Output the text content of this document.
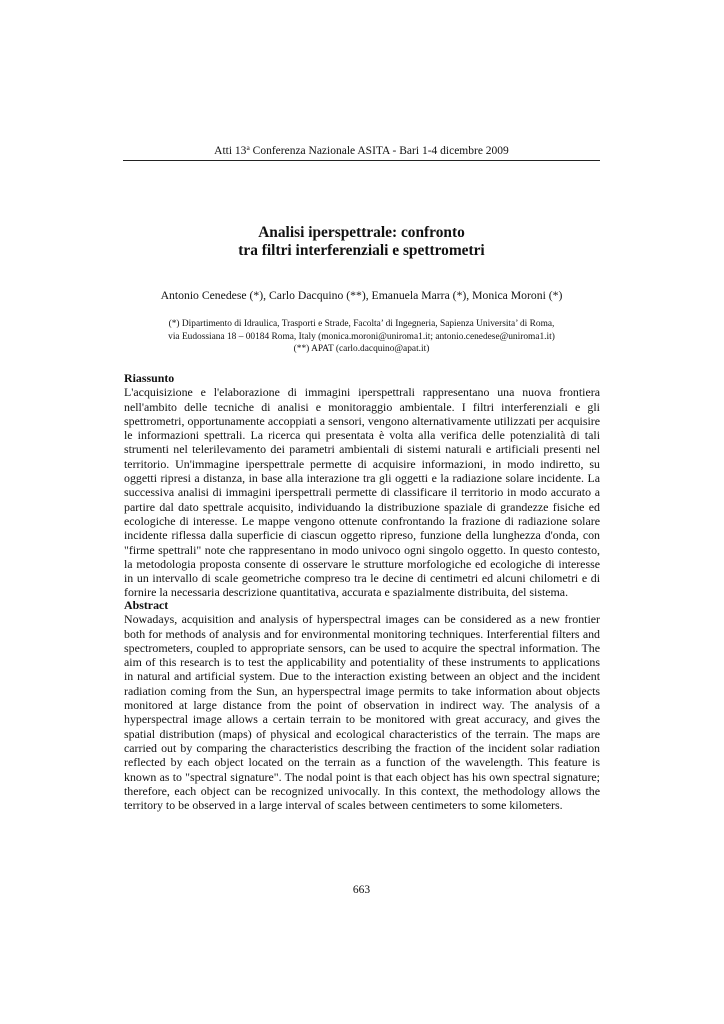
Atti 13$^a$ Conferenza Nazionale ASITA - Bari 1-4 dicembre 2009
Analisi iperspettrale: confronto
tra filtri interferenziali e spettrometri
Antonio Cenedese (*), Carlo Dacquino (**), Emanuela Marra (*), Monica Moroni (*)
(*) Dipartimento di Idraulica, Trasporti e Strade, Facolta’ di Ingegneria, Sapienza Universita’ di Roma,
via Eudossiana 18 – 00184 Roma, Italy (monica.moroni@uniroma1.it; antonio.cenedese@uniroma1.it)
(**) APAT (carlo.dacquino@apat.it)
Riassunto

L'acquisizione e l'elaborazione di immagini iperspettrali rappresentano una nuova frontiera nell'ambito delle tecniche di analisi e monitoraggio ambientale. I filtri interferenziali e gli spettrometri, opportunamente accoppiati a sensori, vengono alternativamente utilizzati per acquisire le informazioni spettrali. La ricerca qui presentata è volta alla verifica delle potenzialità di tali strumenti nel telerilevamento dei parametri ambientali di sistemi naturali e artificiali presenti nel territorio. Un'immagine iperspettrale permette di acquisire informazioni, in modo indiretto, su oggetti ripresi a distanza, in base alla interazione tra gli oggetti e la radiazione solare incidente. La successiva analisi di immagini iperspettrali permette di classificare il territorio in modo accurato a partire dal dato spettrale acquisito, individuando la distribuzione spaziale di grandezze fisiche ed ecologiche di interesse. Le mappe vengono ottenute confrontando la frazione di radiazione solare incidente riflessa dalla superficie di ciascun oggetto ripreso, funzione della lunghezza d'onda, con "firme spettrali" note che rappresentano in modo univoco ogni singolo oggetto. In questo contesto, la metodologia proposta consente di osservare le strutture morfologiche ed ecologiche di interesse in un intervallo di scale geometriche compreso tra le decine di centimetri ed alcuni chilometri e di fornire la necessaria descrizione quantitativa, accurata e spazialmente distribuita, del sistema.

Abstract

Nowadays, acquisition and analysis of hyperspectral images can be considered as a new frontier both for methods of analysis and for environmental monitoring techniques. Interferential filters and spectrometers, coupled to appropriate sensors, can be used to acquire the spectral information. The aim of this research is to test the applicability and potentiality of these instruments to applications in natural and artificial system. Due to the interaction existing between an object and the incident radiation coming from the Sun, an hyperspectral image permits to take information about objects monitored at large distance from the point of observation in indirect way. The analysis of a hyperspectral image allows a certain terrain to be monitored with great accuracy, and gives the spatial distribution (maps) of physical and ecological characteristics of the terrain. The maps are carried out by comparing the characteristics describing the fraction of the incident solar radiation reflected by each object located on the terrain as a function of the wavelength. This feature is known as to "spectral signature". The nodal point is that each object has his own spectral signature; therefore, each object can be recognized univocally. In this context, the methodology allows the territory to be observed in a large interval of scales between centimeters to some kilometers.

663
